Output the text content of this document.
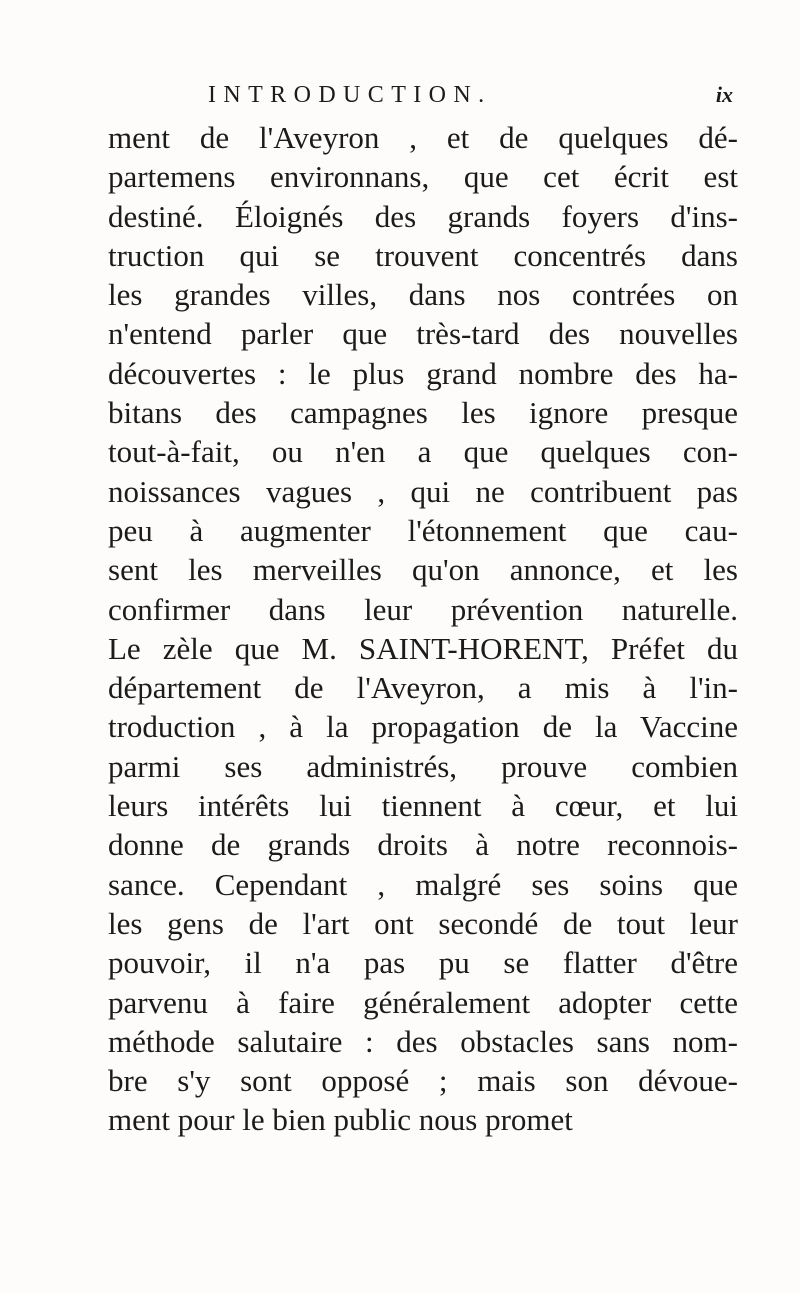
INTRODUCTION.	ix
ment de l'Aveyron , et de quelques dé-
partemens environnans, que cet écrit est
destiné. Éloignés des grands foyers d'ins-
truction qui se trouvent concentrés dans
les grandes villes, dans nos contrées on
n'entend parler que très-tard des nouvelles
découvertes : le plus grand nombre des ha-
bitans des campagnes les ignore presque
tout-à-fait, ou n'en a que quelques con-
noissances vagues , qui ne contribuent pas
peu à augmenter l'étonnement que cau-
sent les merveilles qu'on annonce, et les
confirmer dans leur prévention naturelle.
Le zèle que M. SAINT-HORENT, Préfet du
département de l'Aveyron, a mis à l'in-
troduction , à la propagation de la Vaccine
parmi ses administrés, prouve combien
leurs intérêts lui tiennent à cœur, et lui
donne de grands droits à notre reconnois-
sance. Cependant , malgré ses soins que
les gens de l'art ont secondé de tout leur
pouvoir, il n'a pas pu se flatter d'être
parvenu à faire généralement adopter cette
méthode salutaire : des obstacles sans nom-
bre s'y sont opposé ; mais son dévoue-
ment pour le bien public nous promet
